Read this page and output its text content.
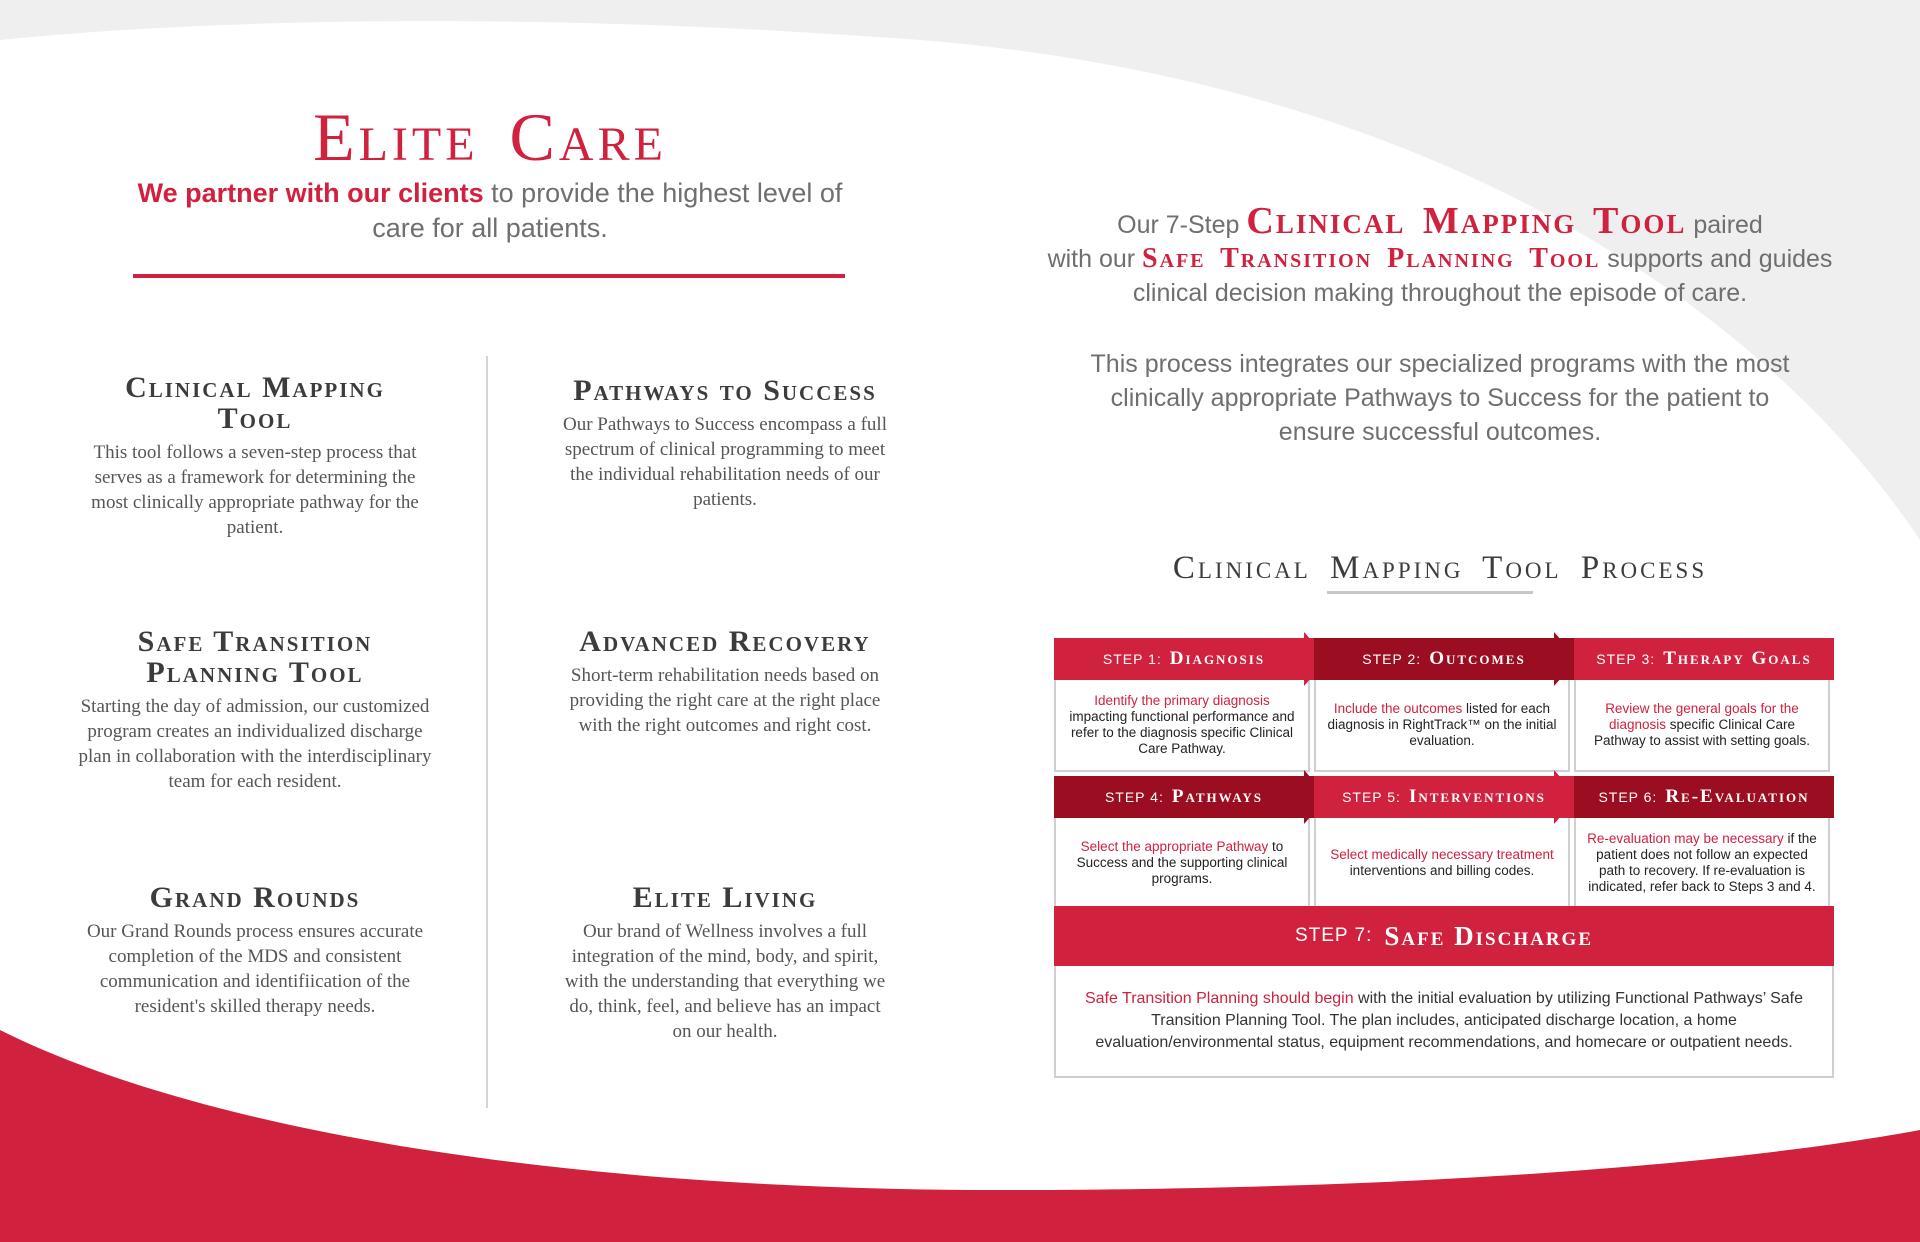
Elite Care
We partner with our clients to provide the highest level of care for all patients.
Clinical Mapping Tool

This tool follows a seven-step process that serves as a framework for determining the most clinically appropriate pathway for the patient.

Pathways to Success

Our Pathways to Success encompass a full spectrum of clinical programming to meet the individual rehabilitation needs of our patients.

Safe Transition Planning Tool

Starting the day of admission, our customized program creates an individualized discharge plan in collaboration with the interdisciplinary team for each resident.

Advanced Recovery

Short-term rehabilitation needs based on providing the right care at the right place with the right outcomes and right cost.

Grand Rounds

Our Grand Rounds process ensures accurate completion of the MDS and consistent communication and identifiication of the resident's skilled therapy needs.

Elite Living

Our brand of Wellness involves a full integration of the mind, body, and spirit, with the understanding that everything we do, think, feel, and believe has an impact on our health.

Our 7-Step Clinical Mapping Tool paired
with our Safe Transition Planning Tool supports and guides
clinical decision making throughout the episode of care.
This process integrates our specialized programs with the most clinically appropriate Pathways to Success for the patient to ensure successful outcomes.
Clinical Mapping Tool Process
STEP 1: Diagnosis
Identify the primary diagnosis impacting functional performance and refer to the diagnosis specific Clinical Care Pathway.
STEP 2: Outcomes
Include the outcomes listed for each diagnosis in RightTrack™ on the initial evaluation.
STEP 3: Therapy Goals
Review the general goals for the diagnosis specific Clinical Care Pathway to assist with setting goals.
STEP 4: Pathways
Select the appropriate Pathway to Success and the supporting clinical programs.
STEP 5: Interventions
Select medically necessary treatment interventions and billing codes.
STEP 6: Re-Evaluation
Re-evaluation may be necessary if the patient does not follow an expected path to recovery. If re-evaluation is indicated, refer back to Steps 3 and 4.
STEP 7: Safe Discharge
Safe Transition Planning should begin with the initial evaluation by utilizing Functional Pathways’ Safe Transition Planning Tool. The plan includes, anticipated discharge location, a home evaluation/environmental status, equipment recommendations, and homecare or outpatient needs.
